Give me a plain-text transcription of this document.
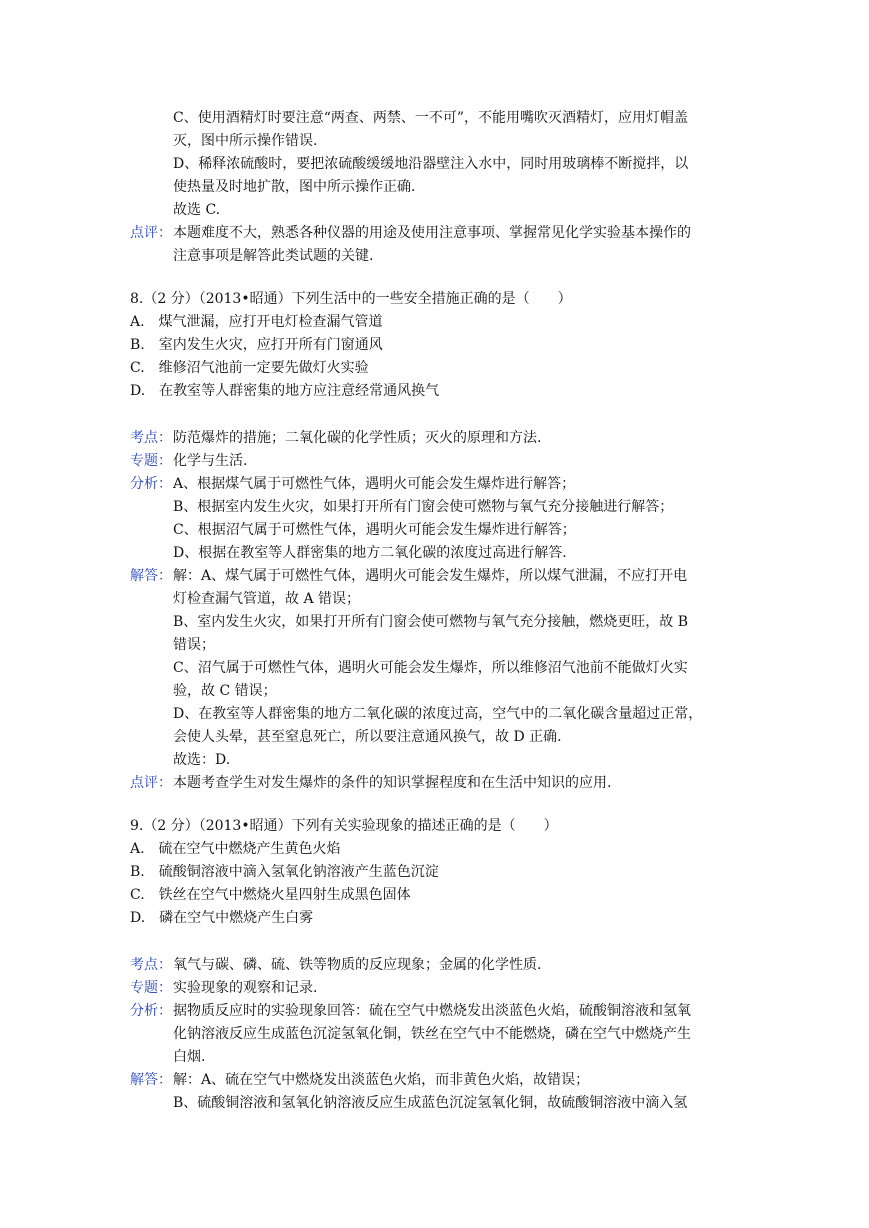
C、使用酒精灯时要注意“两查、两禁、一不可”，不能用嘴吹灭酒精灯，应用灯帽盖
灭，图中所示操作错误.
D、稀释浓硫酸时，要把浓硫酸缓缓地沿器壁注入水中，同时用玻璃棒不断搅拌，以
使热量及时地扩散，图中所示操作正确.
故选 C.
点评： 本题难度不大，熟悉各种仪器的用途及使用注意事项、掌握常见化学实验基本操作的
注意事项是解答此类试题的关键.
8.（2 分）（2013•昭通）下列生活中的一些安全措施正确的是（　　）
A.　煤气泄漏，应打开电灯检查漏气管道
B.　室内发生火灾，应打开所有门窗通风
C.　维修沼气池前一定要先做灯火实验
D.　在教室等人群密集的地方应注意经常通风换气
考点： 防范爆炸的措施；二氧化碳的化学性质；灭火的原理和方法.
专题： 化学与生活.
分析： A、根据煤气属于可燃性气体，遇明火可能会发生爆炸进行解答；
B、根据室内发生火灾，如果打开所有门窗会使可燃物与氧气充分接触进行解答；
C、根据沼气属于可燃性气体，遇明火可能会发生爆炸进行解答；
D、根据在教室等人群密集的地方二氧化碳的浓度过高进行解答.
解答： 解：A、煤气属于可燃性气体，遇明火可能会发生爆炸，所以煤气泄漏，不应打开电
灯检查漏气管道，故 A 错误；
B、室内发生火灾，如果打开所有门窗会使可燃物与氧气充分接触，燃烧更旺，故 B
错误；
C、沼气属于可燃性气体，遇明火可能会发生爆炸，所以维修沼气池前不能做灯火实
验，故 C 错误；
D、在教室等人群密集的地方二氧化碳的浓度过高，空气中的二氧化碳含量超过正常，
会使人头晕，甚至窒息死亡，所以要注意通风换气，故 D 正确.
故选：D.
点评： 本题考查学生对发生爆炸的条件的知识掌握程度和在生活中知识的应用.
9.（2 分）（2013•昭通）下列有关实验现象的描述正确的是（　　）
A.　硫在空气中燃烧产生黄色火焰
B.　硫酸铜溶液中滴入氢氧化钠溶液产生蓝色沉淀
C.　铁丝在空气中燃烧火星四射生成黑色固体
D.　磷在空气中燃烧产生白雾
考点： 氧气与碳、磷、硫、铁等物质的反应现象；金属的化学性质.
专题： 实验现象的观察和记录.
分析： 据物质反应时的实验现象回答：硫在空气中燃烧发出淡蓝色火焰，硫酸铜溶液和氢氧
化钠溶液反应生成蓝色沉淀氢氧化铜，铁丝在空气中不能燃烧，磷在空气中燃烧产生
白烟.
解答： 解：A、硫在空气中燃烧发出淡蓝色火焰，而非黄色火焰，故错误；
B、硫酸铜溶液和氢氧化钠溶液反应生成蓝色沉淀氢氧化铜，故硫酸铜溶液中滴入氢
